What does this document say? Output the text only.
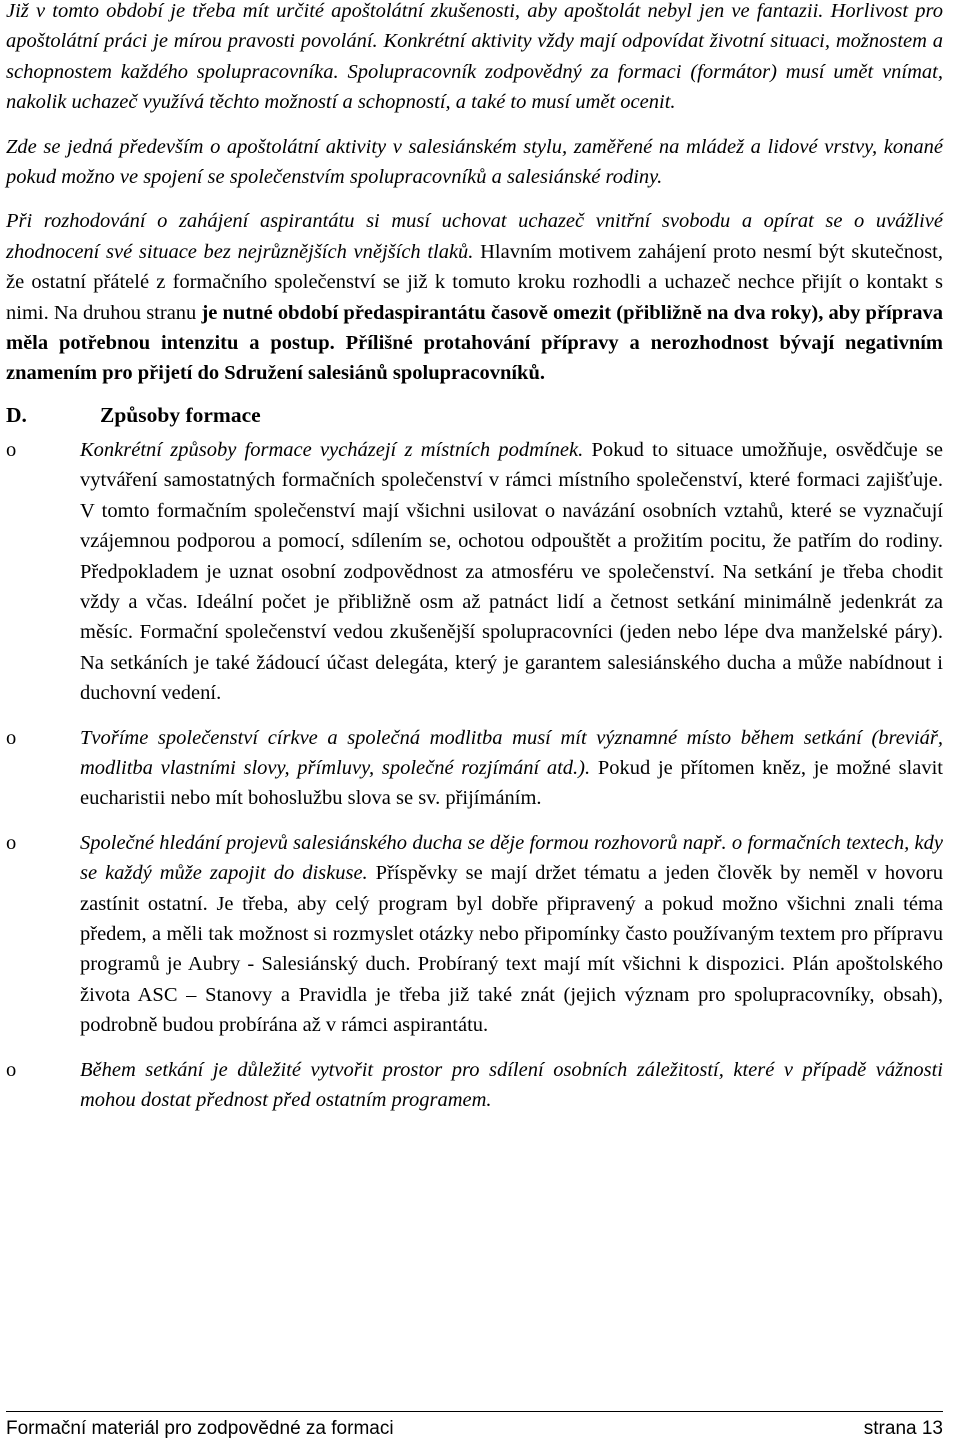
Již v tomto období je třeba mít určité apoštolátní zkušenosti, aby apoštolát nebyl jen ve fantazii. Horlivost pro apoštolátní práci je mírou pravosti povolání. Konkrétní aktivity vždy mají odpovídat životní situaci, možnostem a schopnostem každého spolupracovníka. Spolupracovník zodpovědný za formaci (formátor) musí umět vnímat, nakolik uchazeč využívá těchto možností a schopností, a také to musí umět ocenit.

Zde se jedná především o apoštolátní aktivity v salesiánském stylu, zaměřené na mládež a lidové vrstvy, konané pokud možno ve spojení se společenstvím spolupracovníků a salesiánské rodiny.

Při rozhodování o zahájení aspirantátu si musí uchovat uchazeč vnitřní svobodu a opírat se o uvážlivé zhodnocení své situace bez nejrůznějších vnějších tlaků. Hlavním motivem zahájení proto nesmí být skutečnost, že ostatní přátelé z formačního společenství se již k tomuto kroku rozhodli a uchazeč nechce přijít o kontakt s nimi. Na druhou stranu je nutné období předaspirantátu časově omezit (přibližně na dva roky), aby příprava měla potřebnou intenzitu a postup. Přílišné protahování přípravy a nerozhodnost bývají negativním znamením pro přijetí do Sdružení salesiánů spolupracovníků.

D.	Způsoby formace
o	Konkrétní způsoby formace vycházejí z místních podmínek. Pokud to situace umožňuje, osvědčuje se vytváření samostatných formačních společenství v rámci místního společenství, které formaci zajišťuje. V tomto formačním společenství mají všichni usilovat o navázání osobních vztahů, které se vyznačují vzájemnou podporou a pomocí, sdílením se, ochotou odpouštět a prožitím pocitu, že patřím do rodiny. Předpokladem je uznat osobní zodpovědnost za atmosféru ve společenství. Na setkání je třeba chodit vždy a včas. Ideální počet je přibližně osm až patnáct lidí a četnost setkání minimálně jedenkrát za měsíc. Formační společenství vedou zkušenější spolupracovníci (jeden nebo lépe dva manželské páry). Na setkáních je také žádoucí účast delegáta, který je garantem salesiánského ducha a může nabídnout i duchovní vedení.

o	Tvoříme společenství církve a společná modlitba musí mít významné místo během setkání (breviář, modlitba vlastními slovy, přímluvy, společné rozjímání atd.). Pokud je přítomen kněz, je možné slavit eucharistii nebo mít bohoslužbu slova se sv. přijímáním.

o	Společné hledání projevů salesiánského ducha se děje formou rozhovorů např. o formačních textech, kdy se každý může zapojit do diskuse. Příspěvky se mají držet tématu a jeden člověk by neměl v hovoru zastínit ostatní. Je třeba, aby celý program byl dobře připravený a pokud možno všichni znali téma předem, a měli tak možnost si rozmyslet otázky nebo připomínky často používaným textem pro přípravu programů je Aubry - Salesiánský duch. Probíraný text mají mít všichni k dispozici. Plán apoštolského života ASC – Stanovy a Pravidla je třeba již také znát (jejich význam pro spolupracovníky, obsah), podrobně budou probírána až v rámci aspirantátu.

o	Během setkání je důležité vytvořit prostor pro sdílení osobních záležitostí, které v případě vážnosti mohou dostat přednost před ostatním programem.

Formační materiál pro zodpovědné za formaci	strana 13
